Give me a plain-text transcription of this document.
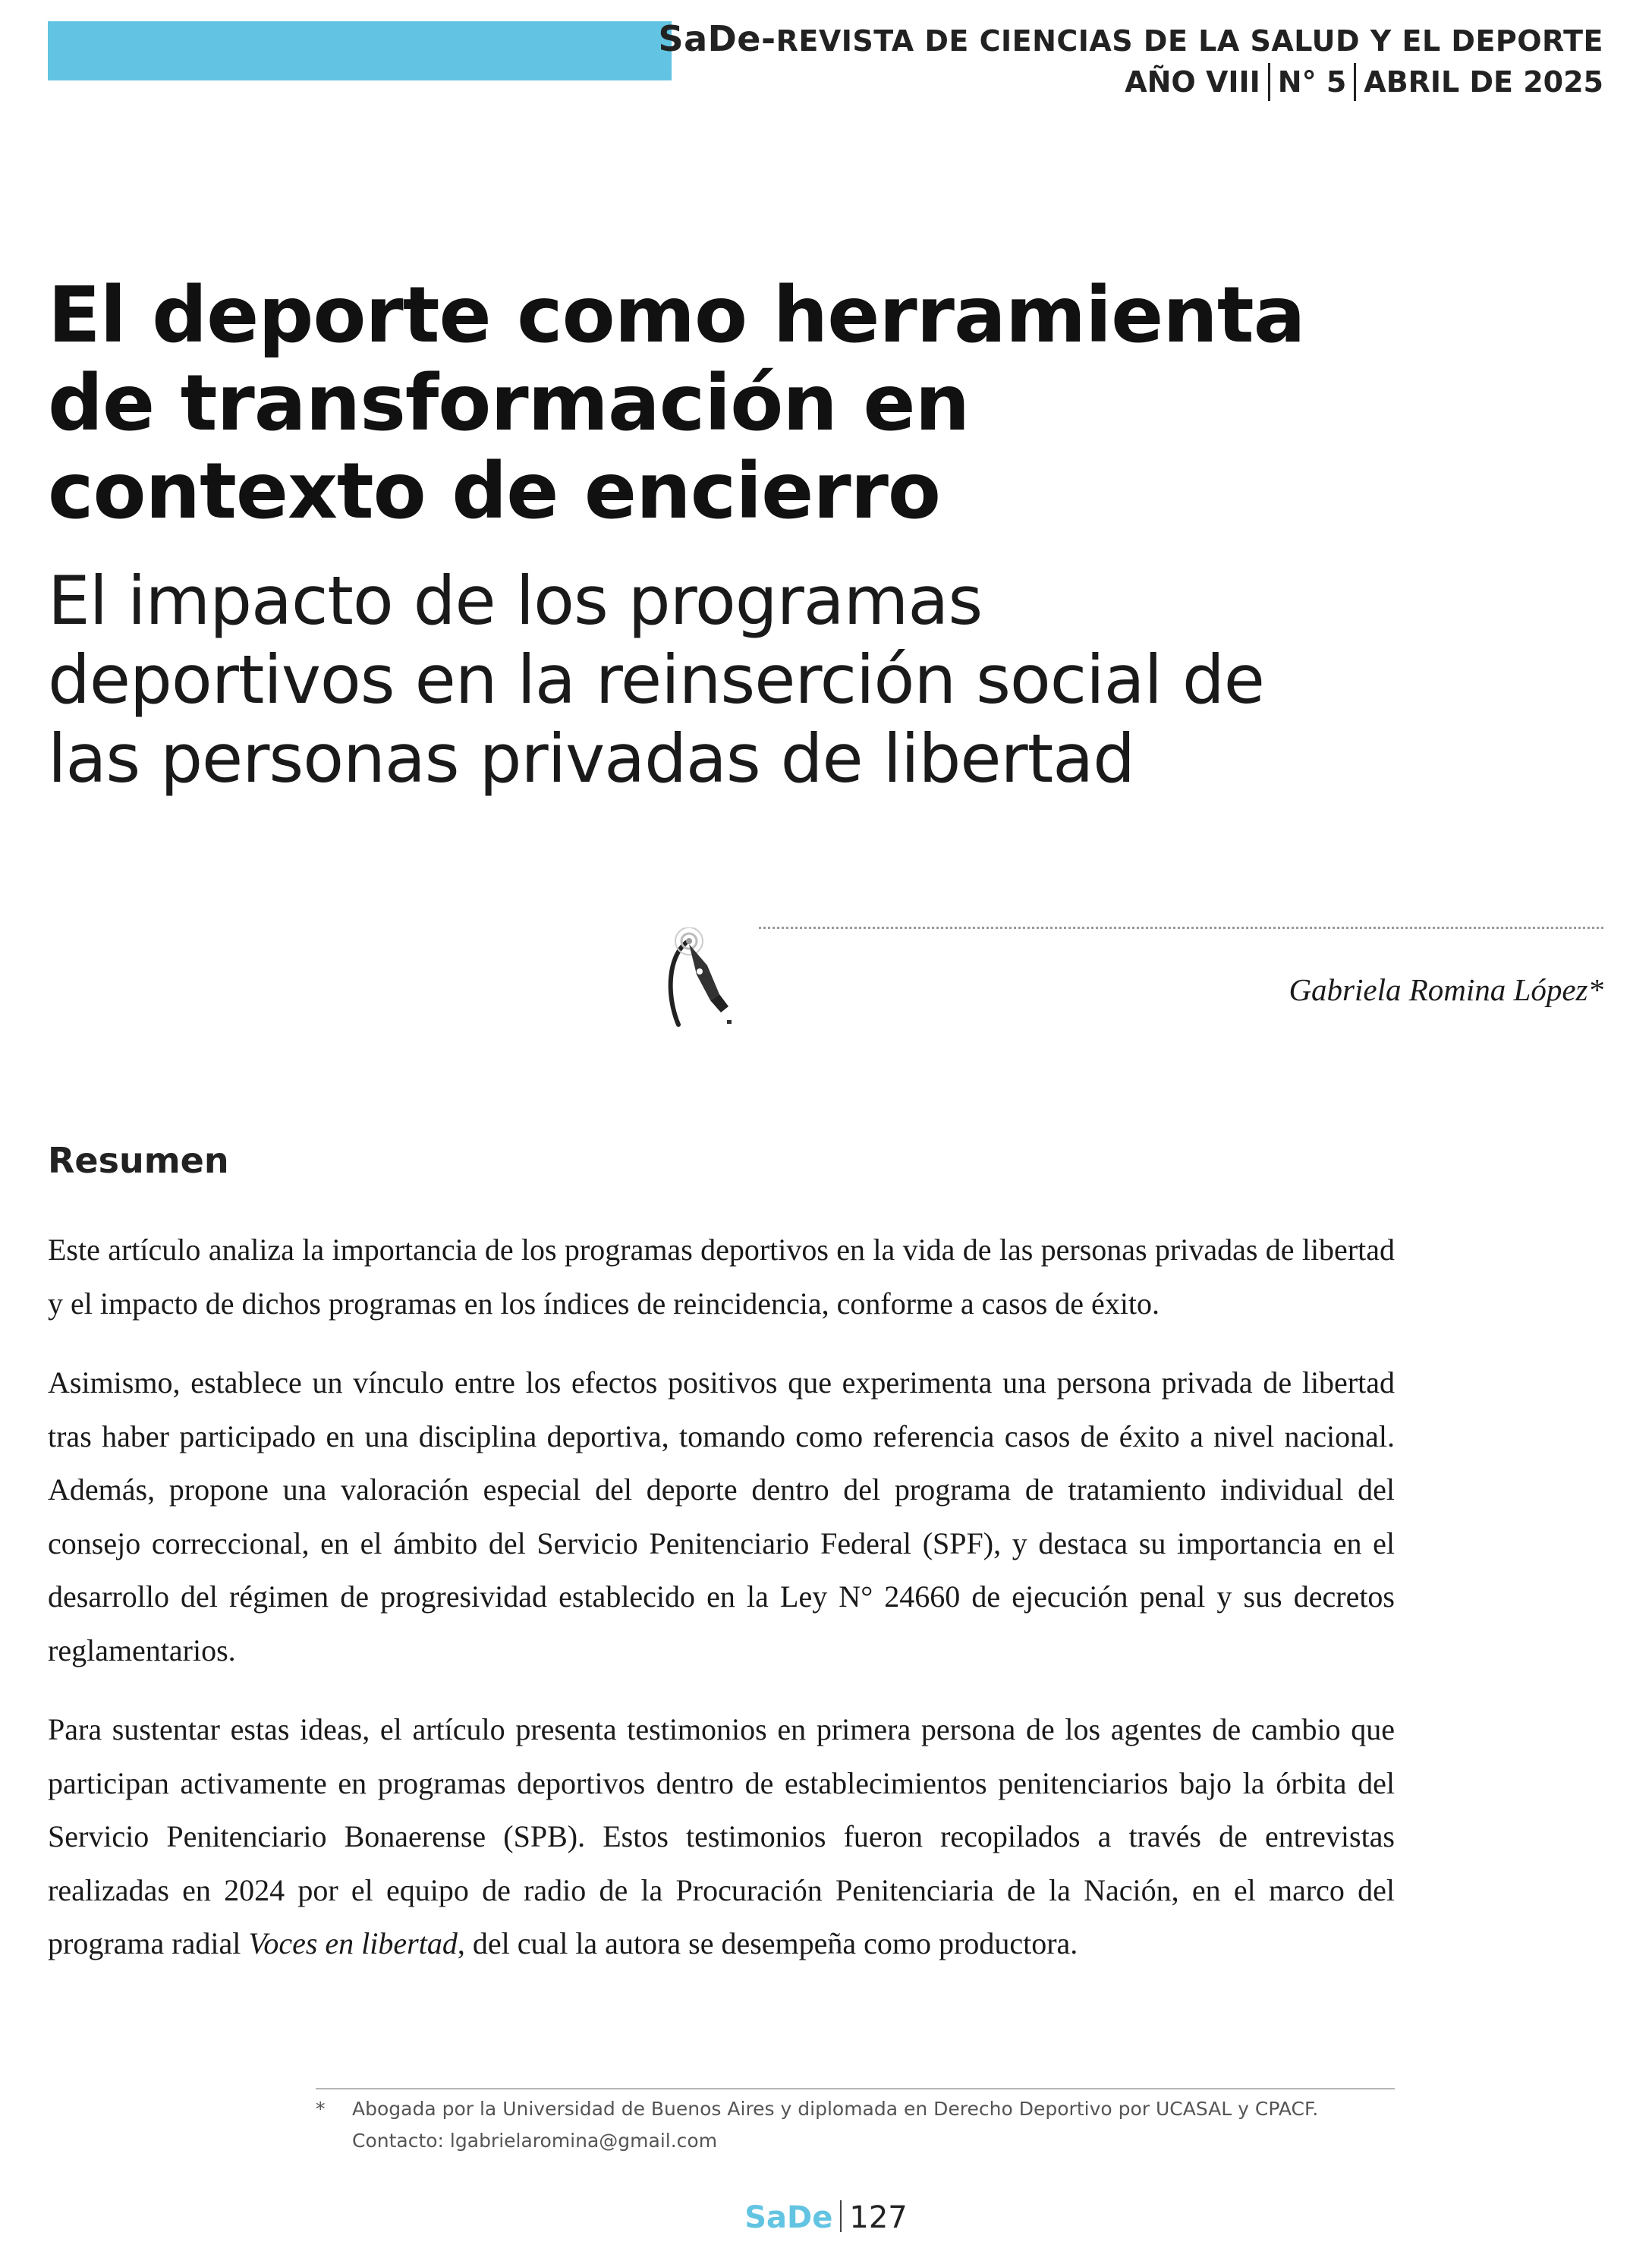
SaDe-REVISTA DE CIENCIAS DE LA SALUD Y EL DEPORTE
AÑO VIII N° 5 ABRIL DE 2025
El deporte como herramienta
de transformación en
contexto de encierro
El impacto de los programas
deportivos en la reinserción social de
las personas privadas de libertad
Gabriela Romina López*
Resumen

Este artículo analiza la importancia de los programas deportivos en la vida de las personas privadas de libertad y el impacto de dichos programas en los índices de reincidencia, conforme a casos de éxito.

Asimismo, establece un vínculo entre los efectos positivos que experimenta una persona privada de libertad tras haber participado en una disciplina deportiva, tomando como referencia casos de éxito a nivel nacional. Además, propone una valoración especial del deporte dentro del programa de tratamiento individual del consejo correccional, en el ámbito del Servicio Penitenciario Federal (SPF), y destaca su importancia en el desarrollo del régimen de progresividad establecido en la Ley N° 24660 de ejecución penal y sus decretos reglamentarios.

Para sustentar estas ideas, el artículo presenta testimonios en primera persona de los agentes de cambio que participan activamente en programas deportivos dentro de establecimientos penitenciarios bajo la órbita del Servicio Penitenciario Bonaerense (SPB). Estos testimonios fueron recopilados a través de entrevistas realizadas en 2024 por el equipo de radio de la Procuración Penitenciaria de la Nación, en el marco del programa radial Voces en libertad, del cual la autora se desempeña como productora.

* Abogada por la Universidad de Buenos Aires y diplomada en Derecho Deportivo por UCASAL y CPACF.
Contacto: lgabrielaromina@gmail.com
SaDe 127
